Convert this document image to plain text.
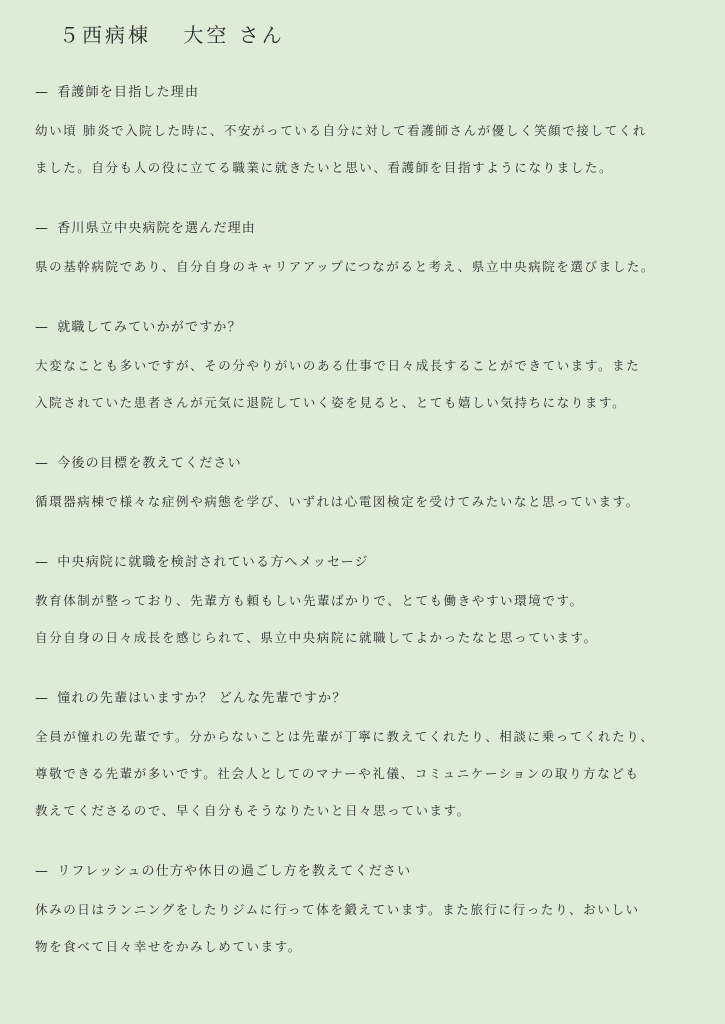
５西病棟　 大空 さん
— 看護師を目指した理由

幼い頃 肺炎で入院した時に、不安がっている自分に対して看護師さんが優しく笑顔で接してくれ

ました。自分も人の役に立てる職業に就きたいと思い、看護師を目指すようになりました。

— 香川県立中央病院を選んだ理由

県の基幹病院であり、自分自身のキャリアアップにつながると考え、県立中央病院を選びました。

— 就職してみていかがですか？

大変なことも多いですが、その分やりがいのある仕事で日々成長することができています。また

入院されていた患者さんが元気に退院していく姿を見ると、とても嬉しい気持ちになります。

— 今後の目標を教えてください

循環器病棟で様々な症例や病態を学び、いずれは心電図検定を受けてみたいなと思っています。

— 中央病院に就職を検討されている方へメッセージ

教育体制が整っており、先輩方も頼もしい先輩ばかりで、とても働きやすい環境です。

自分自身の日々成長を感じられて、県立中央病院に就職してよかったなと思っています。

— 憧れの先輩はいますか？ どんな先輩ですか？

全員が憧れの先輩です。分からないことは先輩が丁寧に教えてくれたり、相談に乗ってくれたり、

尊敬できる先輩が多いです。社会人としてのマナーや礼儀、コミュニケーションの取り方なども

教えてくださるので、早く自分もそうなりたいと日々思っています。

— リフレッシュの仕方や休日の過ごし方を教えてください

休みの日はランニングをしたりジムに行って体を鍛えています。また旅行に行ったり、おいしい

物を食べて日々幸せをかみしめています。
